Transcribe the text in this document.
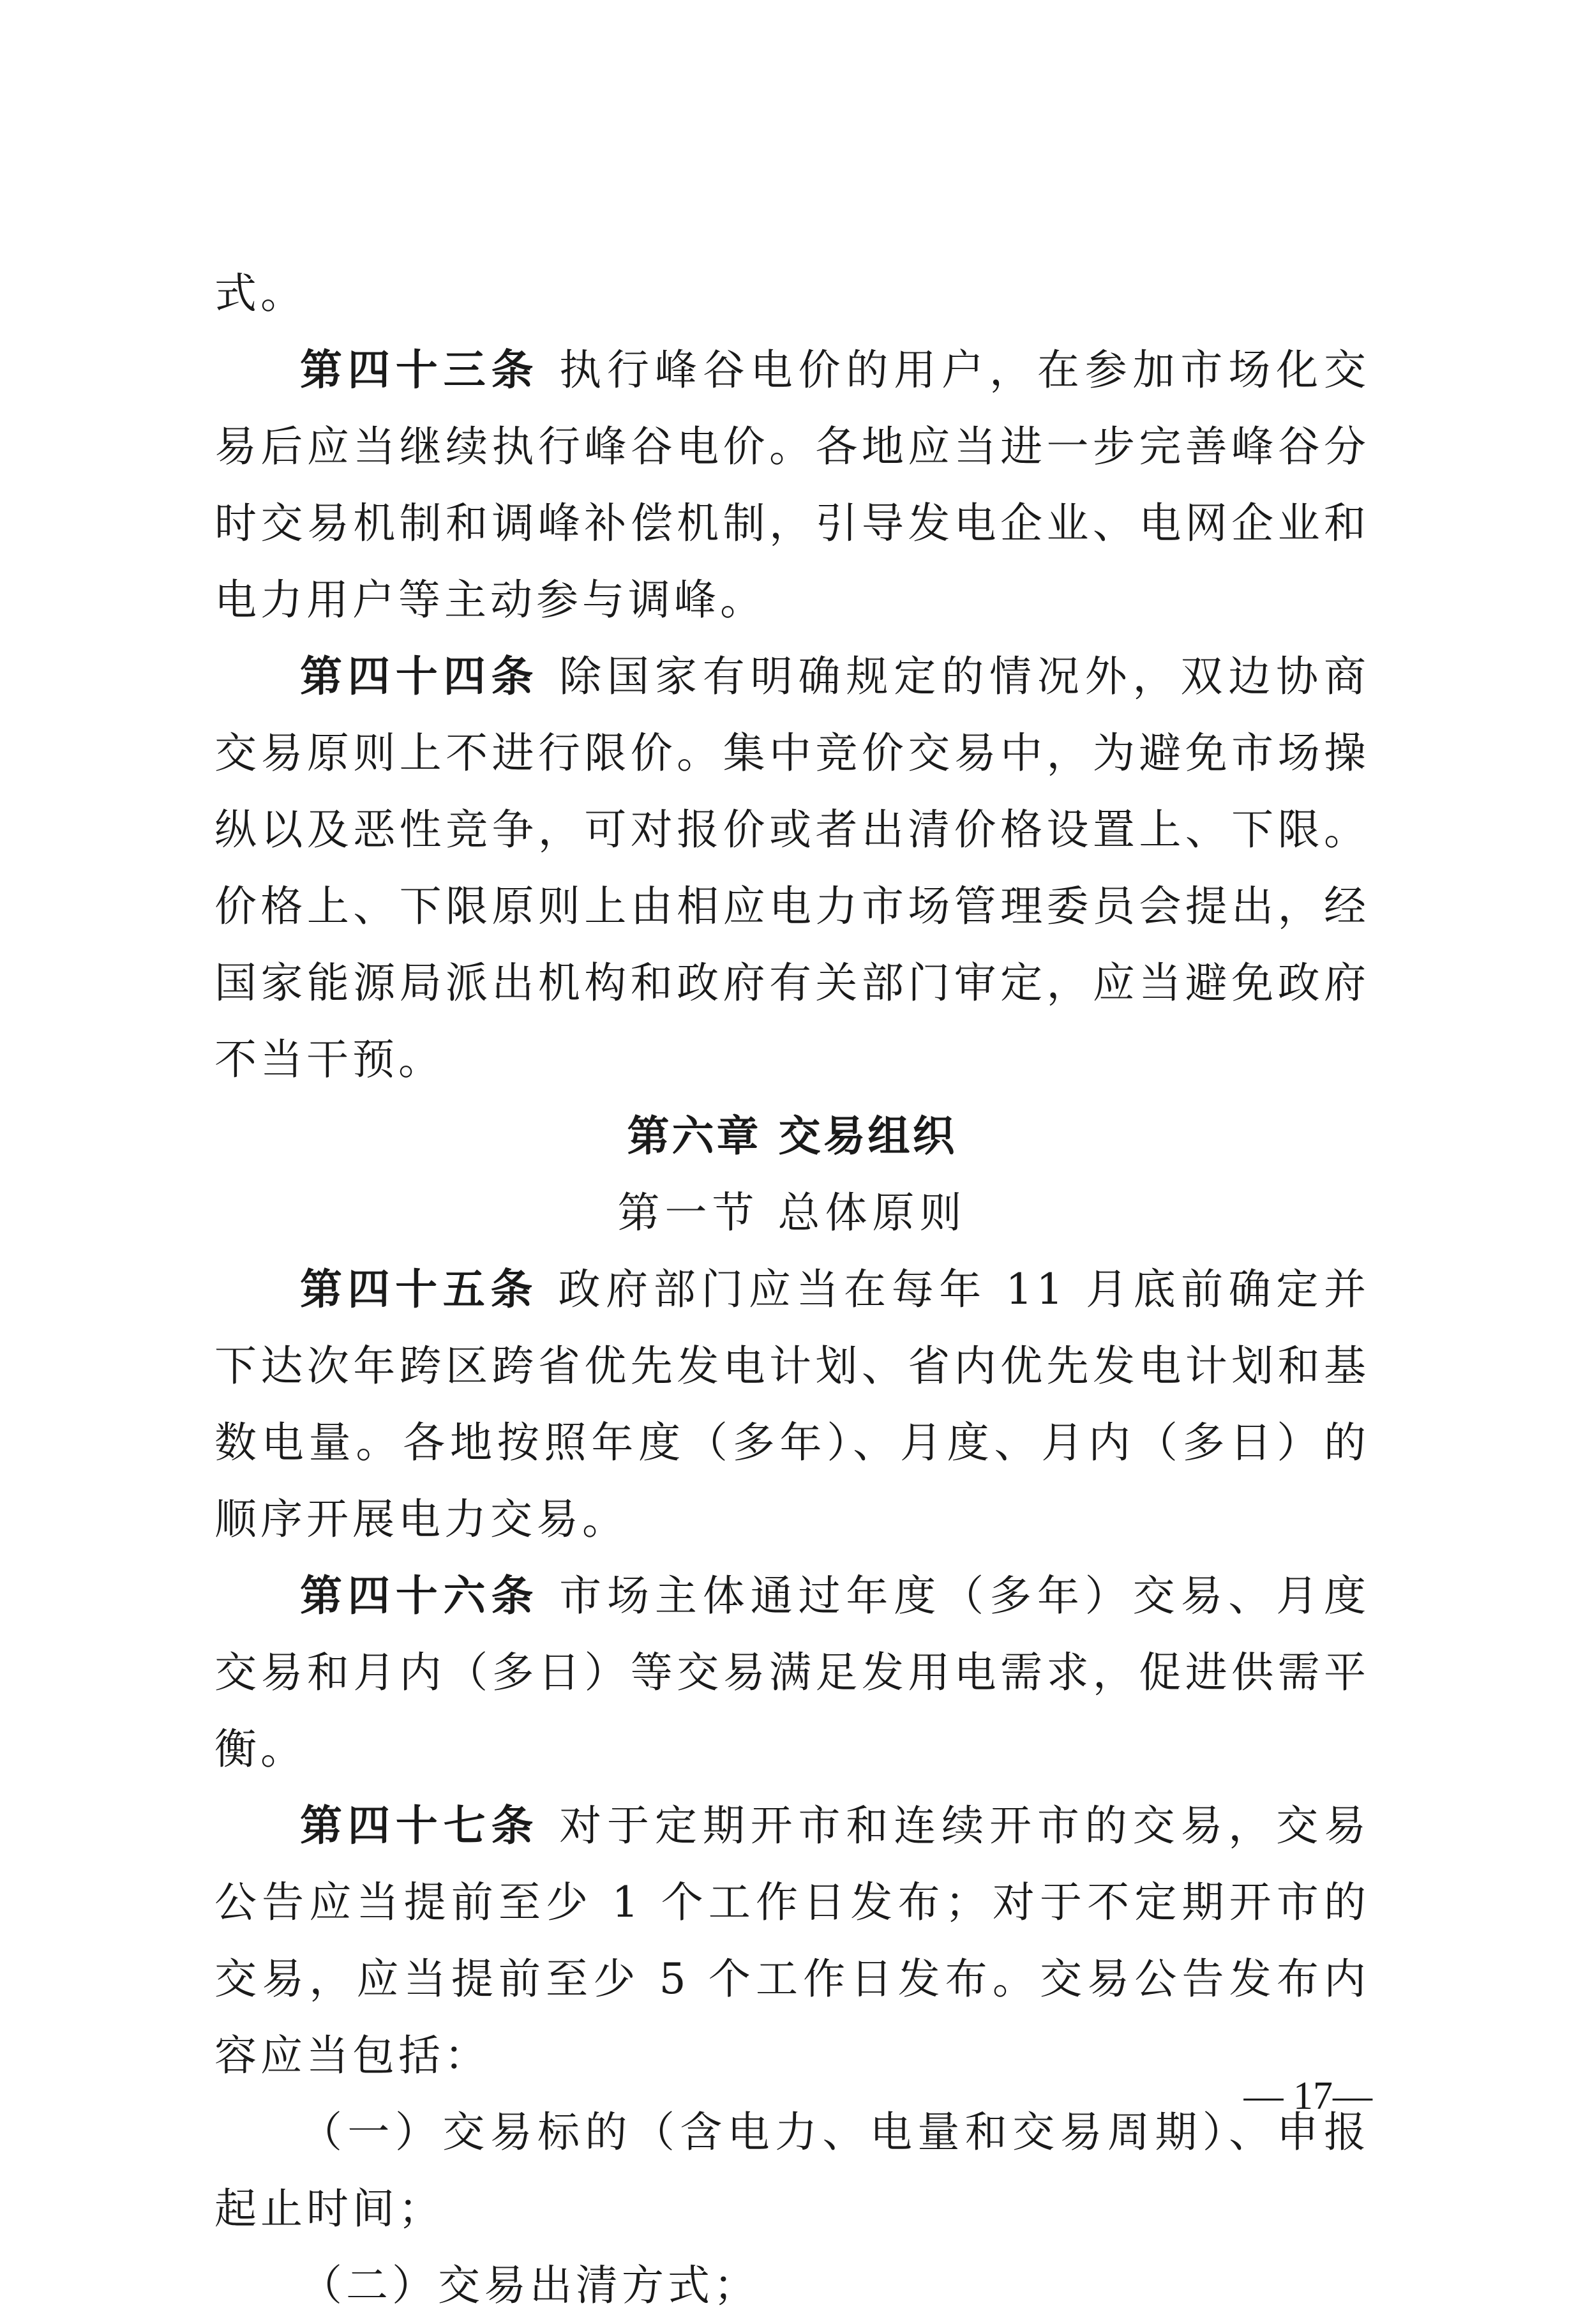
式。

第四十三条 执行峰谷电价的用户，在参加市场化交易后应当继续执行峰谷电价。各地应当进一步完善峰谷分时交易机制和调峰补偿机制，引导发电企业、电网企业和电力用户等主动参与调峰。

第四十四条 除国家有明确规定的情况外，双边协商交易原则上不进行限价。集中竞价交易中，为避免市场操纵以及恶性竞争，可对报价或者出清价格设置上、下限。价格上、下限原则上由相应电力市场管理委员会提出，经国家能源局派出机构和政府有关部门审定，应当避免政府不当干预。

第六章 交易组织

第一节 总体原则

第四十五条 政府部门应当在每年 11 月底前确定并下达次年跨区跨省优先发电计划、省内优先发电计划和基数电量。各地按照年度（多年）、月度、月内（多日）的顺序开展电力交易。

第四十六条 市场主体通过年度（多年）交易、月度交易和月内（多日）等交易满足发用电需求，促进供需平衡。

第四十七条 对于定期开市和连续开市的交易，交易公告应当提前至少 1 个工作日发布；对于不定期开市的交易，应当提前至少 5 个工作日发布。交易公告发布内容应当包括：

（一）交易标的（含电力、电量和交易周期）、申报起止时间；

（二）交易出清方式；

— 17—
